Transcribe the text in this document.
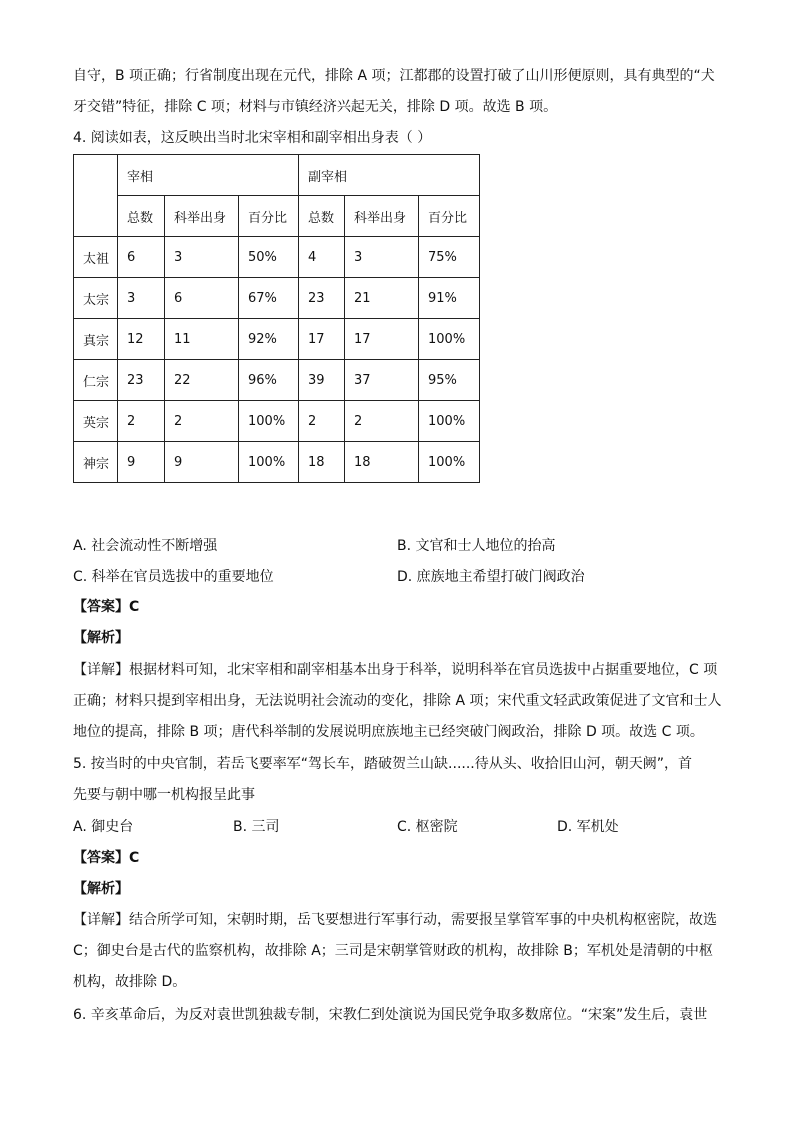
自守，B 项正确；行省制度出现在元代，排除 A 项；江都郡的设置打破了山川形便原则，具有典型的“犬
牙交错”特征，排除 C 项；材料与市镇经济兴起无关，排除 D 项。故选 B 项。
4. 阅读如表，这反映出当时北宋宰相和副宰相出身表（ ）
	宰相			副宰相		
	总数	科举出身	百分比	总数	科举出身	百分比
太祖	6	3	50%	4	3	75%
太宗	3	6	67%	23	21	91%
真宗	12	11	92%	17	17	100%
仁宗	23	22	96%	39	37	95%
英宗	2	2	100%	2	2	100%
神宗	9	9	100%	18	18	100%
A. 社会流动性不断增强	B. 文官和士人地位的抬高
C. 科举在官员选拔中的重要地位	D. 庶族地主希望打破门阀政治
【答案】C
【解析】
【详解】根据材料可知，北宋宰相和副宰相基本出身于科举，说明科举在官员选拔中占据重要地位，C 项
正确；材料只提到宰相出身，无法说明社会流动的变化，排除 A 项；宋代重文轻武政策促进了文官和士人
地位的提高，排除 B 项；唐代科举制的发展说明庶族地主已经突破门阀政治，排除 D 项。故选 C 项。
5. 按当时的中央官制，若岳飞要率军“驾长车，踏破贺兰山缺......待从头、收拾旧山河，朝天阙”，首
先要与朝中哪一机构报呈此事
A. 御史台	B. 三司	C. 枢密院	D. 军机处
【答案】C
【解析】
【详解】结合所学可知，宋朝时期，岳飞要想进行军事行动，需要报呈掌管军事的中央机构枢密院，故选
C；御史台是古代的监察机构，故排除 A；三司是宋朝掌管财政的机构，故排除 B；军机处是清朝的中枢
机构，故排除 D。
6. 辛亥革命后，为反对袁世凯独裁专制，宋教仁到处演说为国民党争取多数席位。“宋案”发生后，袁世
